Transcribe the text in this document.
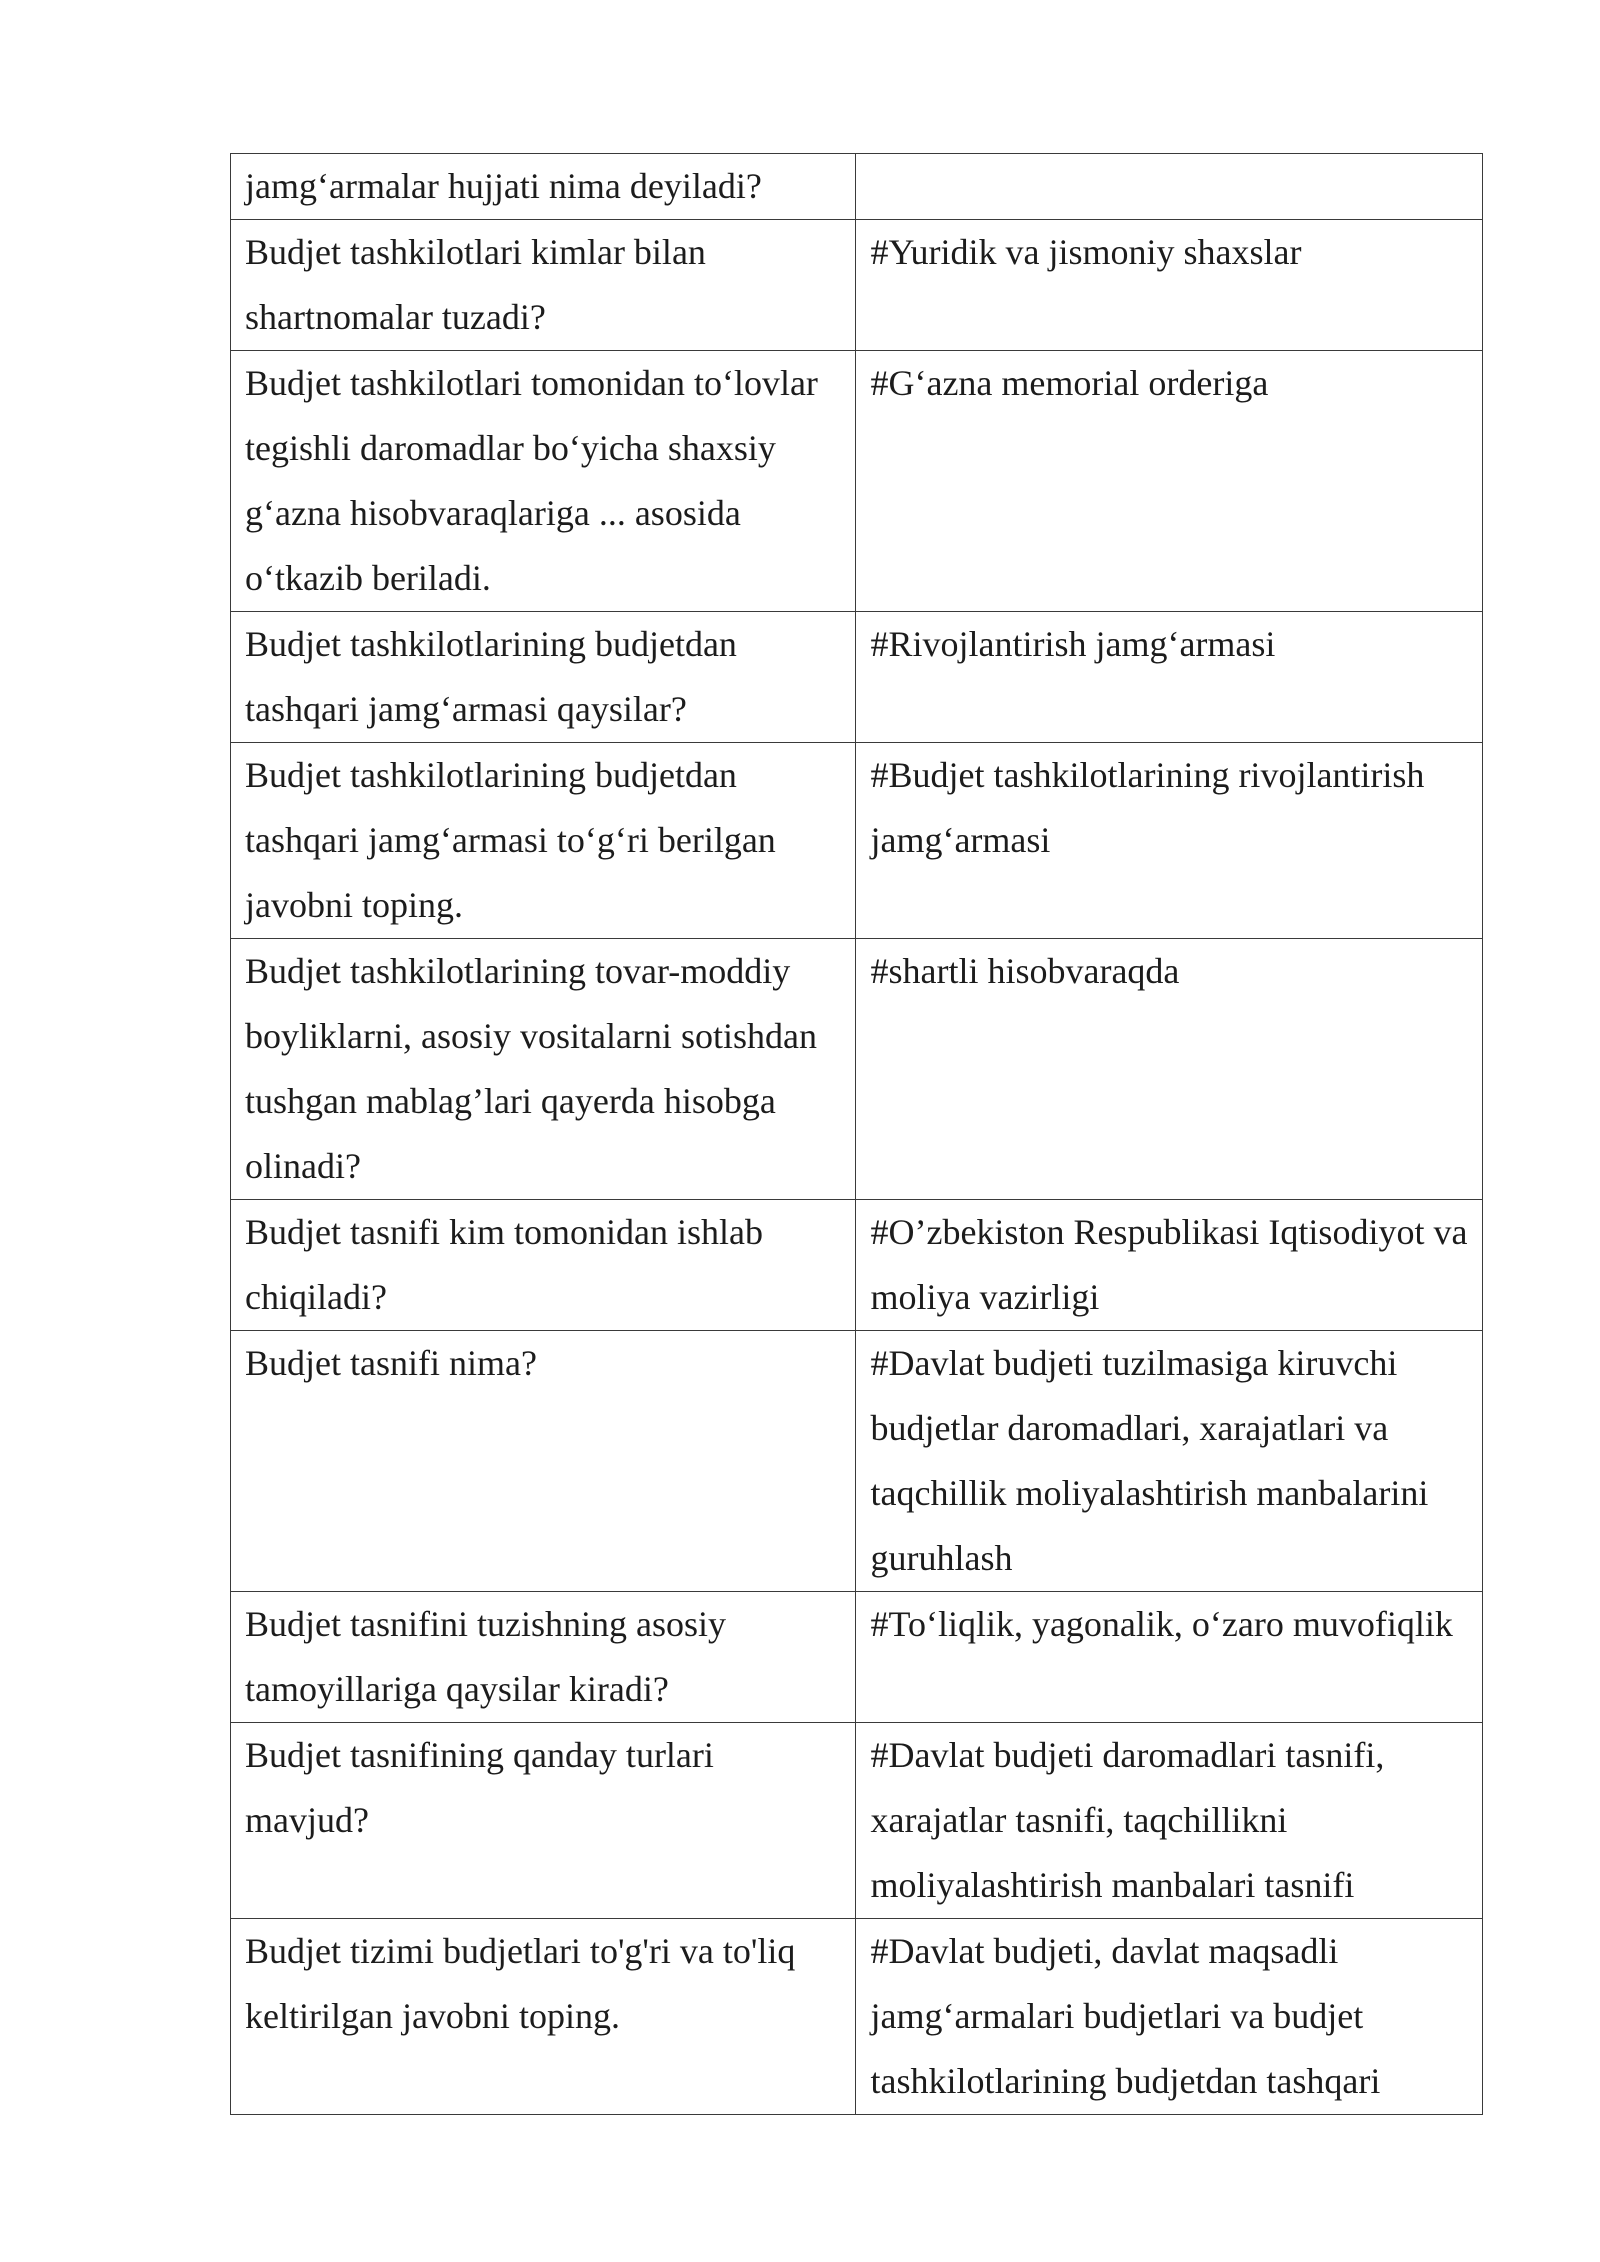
jamg‘armalar hujjati nima deyiladi?	
Budjet tashkilotlari kimlar bilan shartnomalar tuzadi?	#Yuridik va jismoniy shaxslar
Budjet tashkilotlari tomonidan to‘lovlar tegishli daromadlar bo‘yicha shaxsiy g‘azna hisobvaraqlariga ... asosida o‘tkazib beriladi.	#G‘azna memorial orderiga
Budjet tashkilotlarining budjetdan tashqari jamg‘armasi qaysilar?	#Rivojlantirish jamg‘armasi
Budjet tashkilotlarining budjetdan tashqari jamg‘armasi to‘g‘ri berilgan javobni toping.	#Budjet tashkilotlarining rivojlantirish jamg‘armasi
Budjet tashkilotlarining tovar-moddiy boyliklarni, asosiy vositalarni sotishdan tushgan mablag’lari qayerda hisobga olinadi?	#shartli hisobvaraqda
Budjet tasnifi kim tomonidan ishlab chiqiladi?	#O’zbekiston Respublikasi Iqtisodiyot va moliya vazirligi
Budjet tasnifi nima?	#Davlat budjeti tuzilmasiga kiruvchi budjetlar daromadlari, xarajatlari va taqchillik moliyalashtirish manbalarini guruhlash
Budjet tasnifini tuzishning asosiy tamoyillariga qaysilar kiradi?	#To‘liqlik, yagonalik, o‘zaro muvofiqlik
Budjet tasnifining qanday turlari mavjud?	#Davlat budjeti daromadlari tasnifi, xarajatlar tasnifi, taqchillikni moliyalashtirish manbalari tasnifi
Budjet tizimi budjetlari to'g'ri va to'liq keltirilgan javobni toping.	#Davlat budjeti, davlat maqsadli jamg‘armalari budjetlari va budjet tashkilotlarining budjetdan tashqari
